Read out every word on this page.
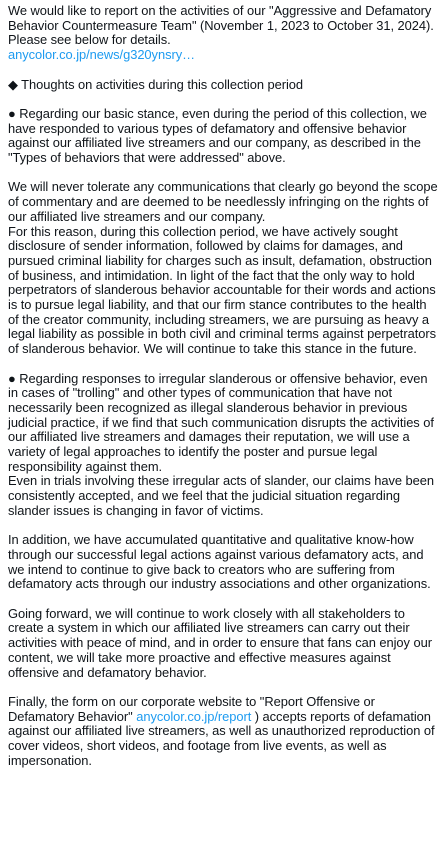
We would like to report on the activities of our "Aggressive and Defamatory Behavior Countermeasure Team" (November 1, 2023 to October 31, 2024).

Please see below for details.

anycolor.co.jp/news/g320ynsry…

◆ Thoughts on activities during this collection period

● Regarding our basic stance, even during the period of this collection, we have responded to various types of defamatory and offensive behavior against our affiliated live streamers and our company, as described in the "Types of behaviors that were addressed" above.

We will never tolerate any communications that clearly go beyond the scope of commentary and are deemed to be needlessly infringing on the rights of our affiliated live streamers and our company.

For this reason, during this collection period, we have actively sought disclosure of sender information, followed by claims for damages, and pursued criminal liability for charges such as insult, defamation, obstruction of business, and intimidation. In light of the fact that the only way to hold perpetrators of slanderous behavior accountable for their words and actions is to pursue legal liability, and that our firm stance contributes to the health of the creator community, including streamers, we are pursuing as heavy a legal liability as possible in both civil and criminal terms against perpetrators of slanderous behavior. We will continue to take this stance in the future.

● Regarding responses to irregular slanderous or offensive behavior, even in cases of "trolling" and other types of communication that have not necessarily been recognized as illegal slanderous behavior in previous judicial practice, if we find that such communication disrupts the activities of our affiliated live streamers and damages their reputation, we will use a variety of legal approaches to identify the poster and pursue legal responsibility against them.

Even in trials involving these irregular acts of slander, our claims have been consistently accepted, and we feel that the judicial situation regarding slander issues is changing in favor of victims.

In addition, we have accumulated quantitative and qualitative know-how through our successful legal actions against various defamatory acts, and we intend to continue to give back to creators who are suffering from defamatory acts through our industry associations and other organizations.

Going forward, we will continue to work closely with all stakeholders to create a system in which our affiliated live streamers can carry out their activities with peace of mind, and in order to ensure that fans can enjoy our content, we will take more proactive and effective measures against offensive and defamatory behavior.

Finally, the form on our corporate website to "Report Offensive or Defamatory Behavior" anycolor.co.jp/report ) accepts reports of defamation against our affiliated live streamers, as well as unauthorized reproduction of cover videos, short videos, and footage from live events, as well as impersonation.
